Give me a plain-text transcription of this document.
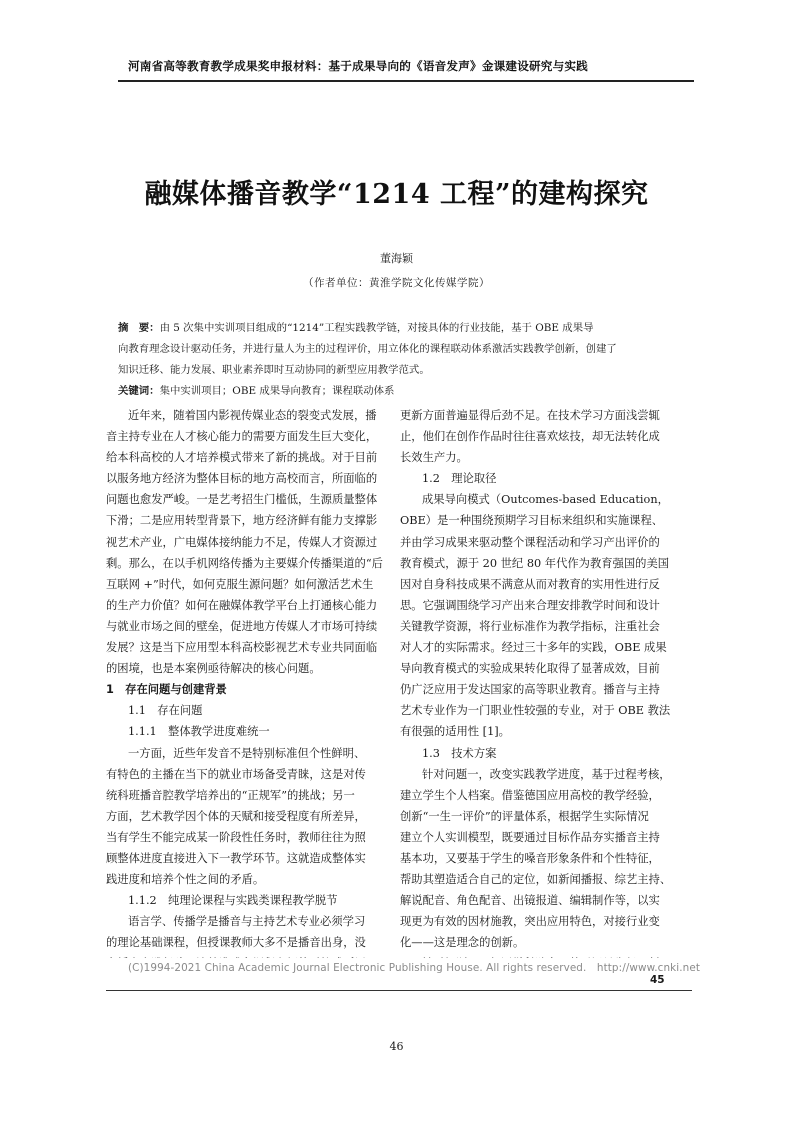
河南省高等教育教学成果奖申报材料：基于成果导向的《语音发声》金课建设研究与实践
融媒体播音教学“1214 工程”的建构探究
董海颖
（作者单位：黄淮学院文化传媒学院）
摘　要：由 5 次集中实训项目组成的“1214”工程实践教学链，对接具体的行业技能，基于 OBE 成果导
向教育理念设计驱动任务，并进行量人为主的过程评价，用立体化的课程联动体系激活实践教学创新，创建了
知识迁移、能力发展、职业素养即时互动协同的新型应用教学范式。
关键词：集中实训项目；OBE 成果导向教育；课程联动体系
近年来，随着国内影视传媒业态的裂变式发展，播
音主持专业在人才核心能力的需要方面发生巨大变化，
给本科高校的人才培养模式带来了新的挑战。对于目前
以服务地方经济为整体目标的地方高校而言，所面临的
问题也愈发严峻。一是艺考招生门槛低，生源质量整体
下滑；二是应用转型背景下，地方经济鲜有能力支撑影
视艺术产业，广电媒体接纳能力不足，传媒人才资源过
剩。那么，在以手机网络传播为主要媒介传播渠道的“后
互联网 +”时代，如何克服生源问题？如何激活艺术生
的生产力价值？如何在融媒体教学平台上打通核心能力
与就业市场之间的壁垒，促进地方传媒人才市场可持续
发展？这是当下应用型本科高校影视艺术专业共同面临
的困境，也是本案例亟待解决的核心问题。
1　存在问题与创建背景
1.1　存在问题
1.1.1　整体教学进度难统一
一方面，近些年发音不是特别标准但个性鲜明、
有特色的主播在当下的就业市场备受青睐，这是对传
统科班播音腔教学培养出的“正规军”的挑战；另一
方面，艺术教学因个体的天赋和接受程度有所差异，
当有学生不能完成某一阶段性任务时，教师往往为照
顾整体进度直接进入下一教学环节。这就造成整体实
践进度和培养个性之间的矛盾。
1.1.2　纯理论课程与实践类课程教学脱节
语言学、传播学是播音与主持艺术专业必须学习
的理论基础课程，但授课教师大多不是播音出身，没
更新方面普遍显得后劲不足。在技术学习方面浅尝辄
止，他们在创作作品时往往喜欢炫技，却无法转化成
长效生产力。
1.2　理论取径
成果导向模式（Outcomes-based Education，
OBE）是一种围绕预期学习目标来组织和实施课程、
并由学习成果来驱动整个课程活动和学习产出评价的
教育模式，源于 20 世纪 80 年代作为教育强国的美国
因对自身科技成果不满意从而对教育的实用性进行反
思。它强调围绕学习产出来合理安排教学时间和设计
关键教学资源，将行业标准作为教学指标，注重社会
对人才的实际需求。经过三十多年的实践，OBE 成果
导向教育模式的实验成果转化取得了显著成效，目前
仍广泛应用于发达国家的高等职业教育。播音与主持
艺术专业作为一门职业性较强的专业，对于 OBE 教法
有很强的适用性 [1]。
1.3　技术方案
针对问题一，改变实践教学进度，基于过程考核，
建立学生个人档案。借鉴德国应用高校的教学经验，
创新“一生一评价”的评量体系，根据学生实际情况
建立个人实训模型，既要通过目标作品夯实播音主持
基本功，又要基于学生的嗓音形象条件和个性特征，
帮助其塑造适合自己的定位，如新闻播报、综艺主持、
解说配音、角色配音、出镜报道、编辑制作等，以实
现更为有效的因材施教，突出应用特色，对接行业变
化——这是理念的创新。
(C)1994-2021 China Academic Journal Electronic Publishing House. All rights reserved.　http://www.cnki.net
45
46
